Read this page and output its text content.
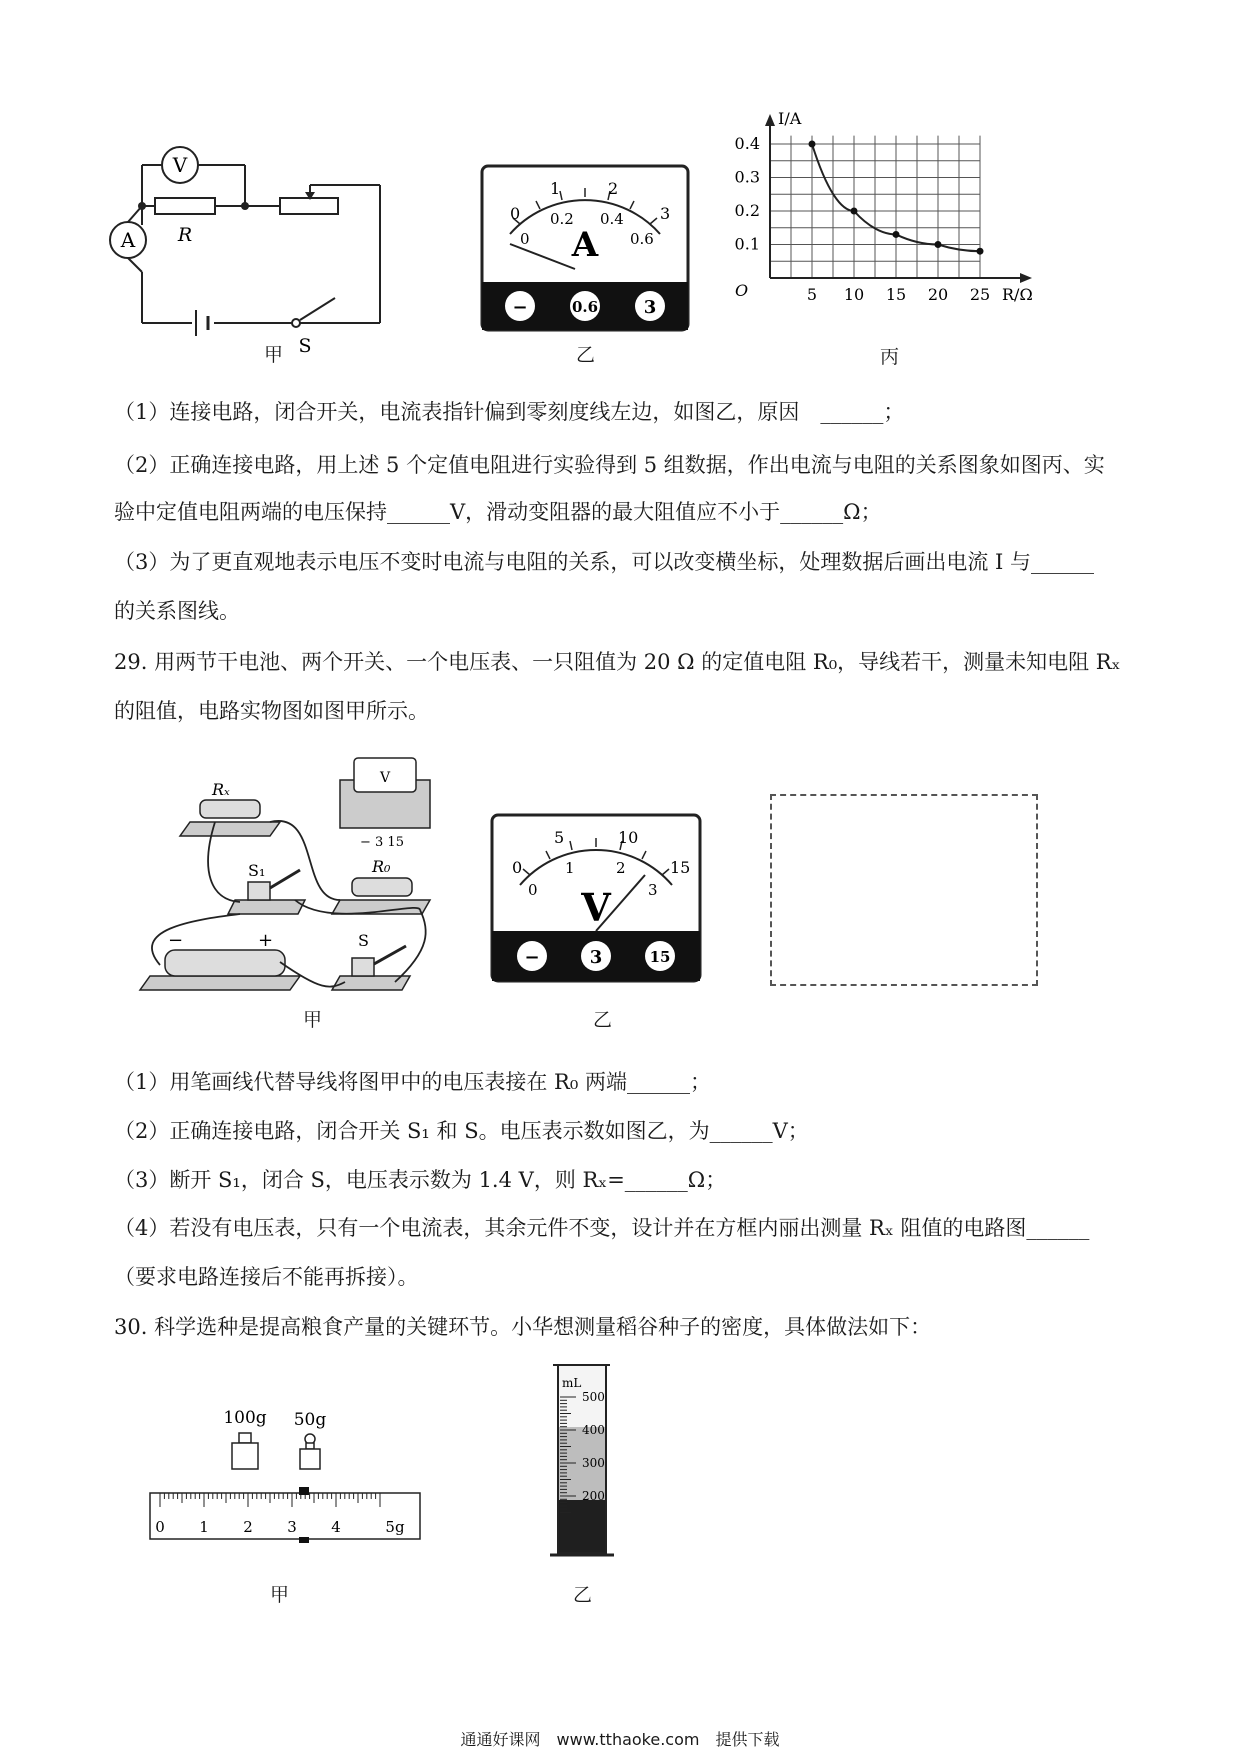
V
A R
S
甲
0
1	2
3
0
0.2 0.4
0.6
A
−	0.6	3
乙
5 10 15 20 25
0.1
0.2
0.3
0.4
O
I/A
R/Ω
丙
（1）连接电路，闭合开关，电流表指针偏到零刻度线左边，如图乙，原因　______；
（2）正确连接电路，用上述 5 个定值电阻进行实验得到 5 组数据，作出电流与电阻的关系图象如图丙、实
验中定值电阻两端的电压保持______V，滑动变阻器的最大阻值应不小于______Ω；
（3）为了更直观地表示电压不变时电流与电阻的关系，可以改变横坐标，处理数据后画出电流 I 与______
的关系图线。
29. 用两节干电池、两个开关、一个电压表、一只阻值为 20 Ω 的定值电阻 R₀，导线若干，测量未知电阻 Rₓ
的阻值，电路实物图如图甲所示。
Rₓ
V
− 3 15
S₁	R₀
−	+	S
甲
0
5	10
15
0
1	2
3
V
−	3	15
乙
（1）用笔画线代替导线将图甲中的电压表接在 R₀ 两端______；
（2）正确连接电路，闭合开关 S₁ 和 S。电压表示数如图乙，为______V；
（3）断开 S₁，闭合 S，电压表示数为 1.4 V，则 Rₓ=______Ω；
（4）若没有电压表，只有一个电流表，其余元件不变，设计并在方框内丽出测量 Rₓ 阻值的电路图______
（要求电路连接后不能再拆接）。
30. 科学选种是提高粮食产量的关键环节。小华想测量稻谷种子的密度，具体做法如下：
100g 50g
0 1 2 3 4	5g
甲
mL
500
400
300
200
乙
通通好课网　www.tthaoke.com　提供下载
